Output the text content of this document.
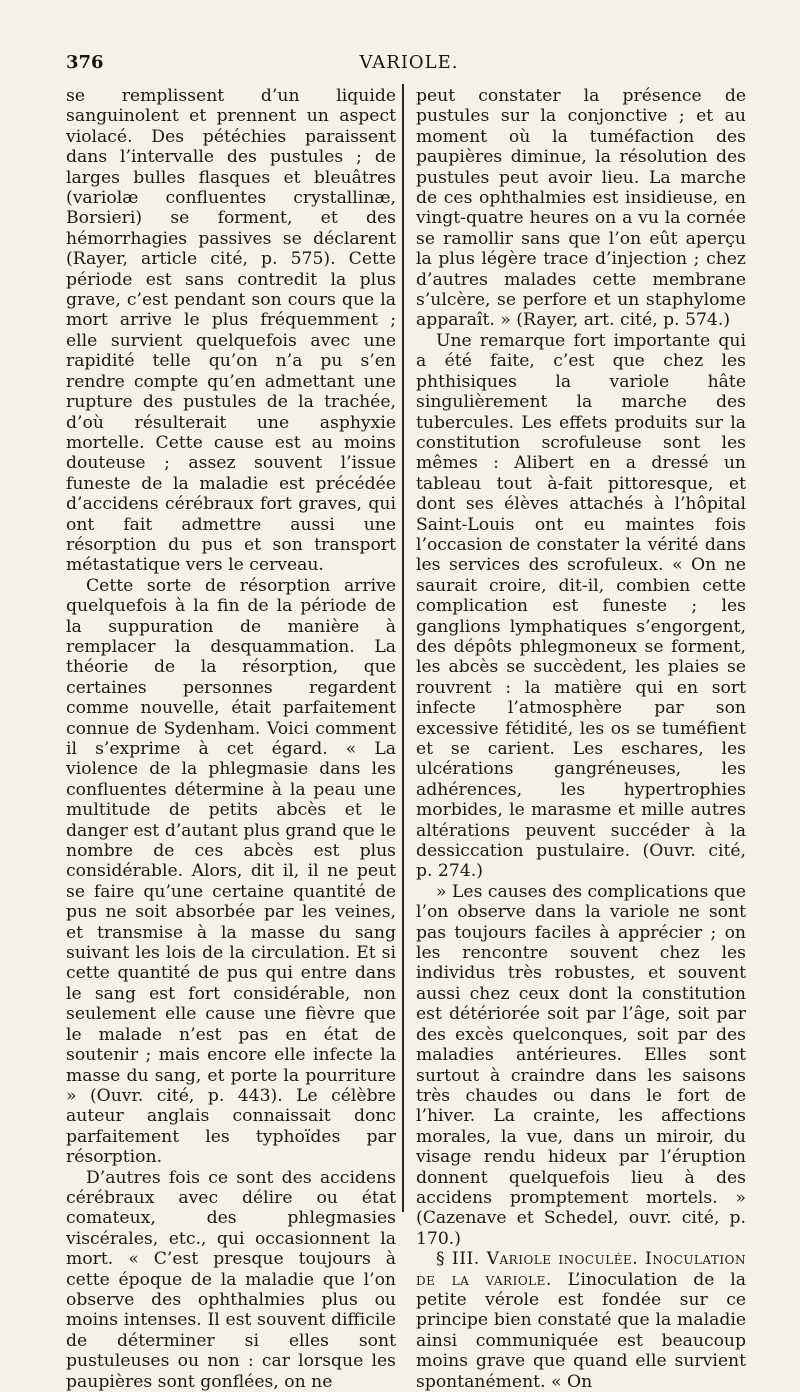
376	VARIOLE.

se remplissent d’un liquide sanguinolent et prennent un aspect violacé. Des pétéchies paraissent dans l’intervalle des pustules ; de larges bulles flasques et bleuâtres (variolæ confluentes crystallinæ, Borsieri) se forment, et des hémorrhagies passives se déclarent (Rayer, article cité, p. 575). Cette période est sans contredit la plus grave, c’est pendant son cours que la mort arrive le plus fréquemment ; elle survient quelquefois avec une rapidité telle qu’on n’a pu s’en rendre compte qu’en admettant une rupture des pustules de la trachée, d’où résulterait une asphyxie mortelle. Cette cause est au moins douteuse ; assez souvent l’issue funeste de la maladie est précédée d’accidens cérébraux fort graves, qui ont fait admettre aussi une résorption du pus et son transport métastatique vers le cerveau.

Cette sorte de résorption arrive quelquefois à la fin de la période de la suppuration de manière à remplacer la desquammation. La théorie de la résorption, que certaines personnes regardent comme nouvelle, était parfaitement connue de Sydenham. Voici comment il s’exprime à cet égard. « La violence de la phlegmasie dans les confluentes détermine à la peau une multitude de petits abcès et le danger est d’autant plus grand que le nombre de ces abcès est plus considérable. Alors, dit il, il ne peut se faire qu’une certaine quantité de pus ne soit absorbée par les veines, et transmise à la masse du sang suivant les lois de la circulation. Et si cette quantité de pus qui entre dans le sang est fort considérable, non seulement elle cause une fièvre que le malade n’est pas en état de soutenir ; mais encore elle infecte la masse du sang, et porte la pourriture » (Ouvr. cité, p. 443). Le célèbre auteur anglais connaissait donc parfaitement les typhoïdes par résorption.

D’autres fois ce sont des accidens cérébraux avec délire ou état comateux, des phlegmasies viscérales, etc., qui occasionnent la mort. « C’est presque toujours à cette époque de la maladie que l’on observe des ophthalmies plus ou moins intenses. Il est souvent difficile de déterminer si elles sont pustuleuses ou non : car lorsque les paupières sont gonflées, on ne

peut constater la présence de pustules sur la conjonctive ; et au moment où la tuméfaction des paupières diminue, la résolution des pustules peut avoir lieu. La marche de ces ophthalmies est insidieuse, en vingt-quatre heures on a vu la cornée se ramollir sans que l’on eût aperçu la plus légère trace d’injection ; chez d’autres malades cette membrane s’ulcère, se perfore et un staphylome apparaît. » (Rayer, art. cité, p. 574.)

Une remarque fort importante qui a été faite, c’est que chez les phthisiques la variole hâte singulièrement la marche des tubercules. Les effets produits sur la constitution scrofuleuse sont les mêmes : Alibert en a dressé un tableau tout à-fait pittoresque, et dont ses élèves attachés à l’hôpital Saint-Louis ont eu maintes fois l’occasion de constater la vérité dans les services des scrofuleux. « On ne saurait croire, dit-il, combien cette complication est funeste ; les ganglions lymphatiques s’engorgent, des dépôts phlegmoneux se forment, les abcès se succèdent, les plaies se rouvrent : la matière qui en sort infecte l’atmosphère par son excessive fétidité, les os se tuméfient et se carient. Les eschares, les ulcérations gangréneuses, les adhérences, les hypertrophies morbides, le marasme et mille autres altérations peuvent succéder à la dessiccation pustulaire. (Ouvr. cité, p. 274.)

» Les causes des complications que l’on observe dans la variole ne sont pas toujours faciles à apprécier ; on les rencontre souvent chez les individus très robustes, et souvent aussi chez ceux dont la constitution est détériorée soit par l’âge, soit par des excès quelconques, soit par des maladies antérieures. Elles sont surtout à craindre dans les saisons très chaudes ou dans le fort de l’hiver. La crainte, les affections morales, la vue, dans un miroir, du visage rendu hideux par l’éruption donnent quelquefois lieu à des accidens promptement mortels. » (Cazenave et Schedel, ouvr. cité, p. 170.)

§ III. Variole inoculée. Inoculation de la variole. L’inoculation de la petite vérole est fondée sur ce principe bien constaté que la maladie ainsi communiquée est beaucoup moins grave que quand elle survient spontanément. « On
